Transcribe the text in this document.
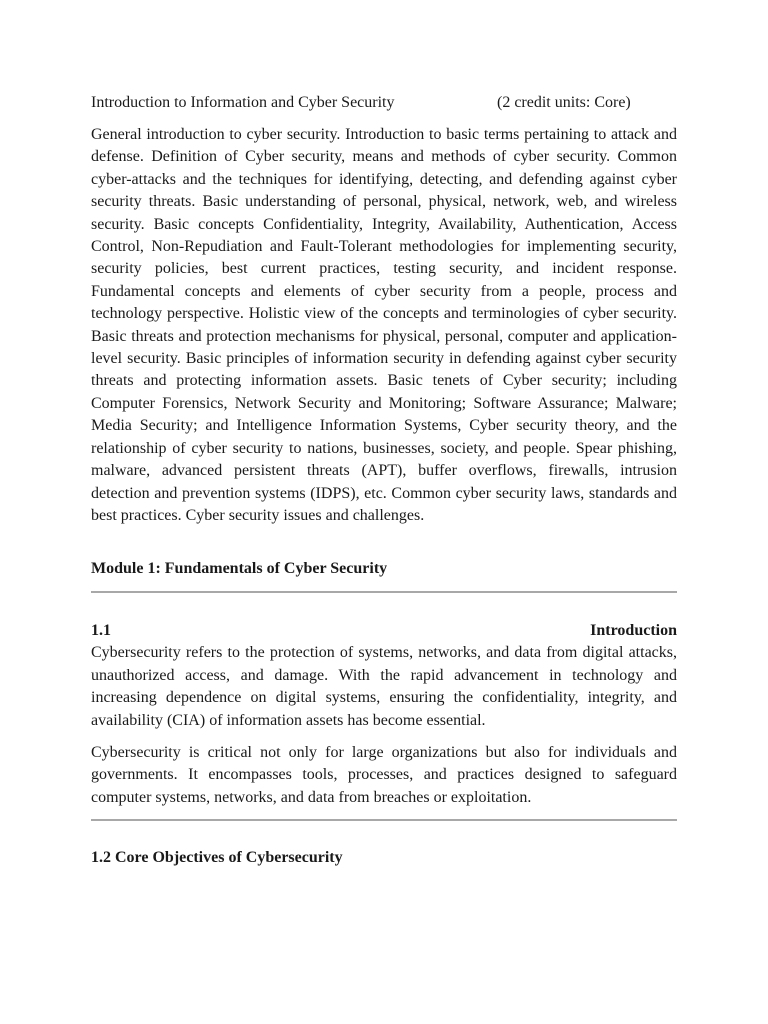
Introduction to Information and Cyber Security	(2 credit units: Core)

General introduction to cyber security. Introduction to basic terms pertaining to attack and defense. Definition of Cyber security, means and methods of cyber security. Common cyber-attacks and the techniques for identifying, detecting, and defending against cyber security threats. Basic understanding of personal, physical, network, web, and wireless security. Basic concepts Confidentiality, Integrity, Availability, Authentication, Access Control, Non-Repudiation and Fault-Tolerant methodologies for implementing security, security policies, best current practices, testing security, and incident response. Fundamental concepts and elements of cyber security from a people, process and technology perspective. Holistic view of the concepts and terminologies of cyber security. Basic threats and protection mechanisms for physical, personal, computer and application-level security. Basic principles of information security in defending against cyber security threats and protecting information assets. Basic tenets of Cyber security; including Computer Forensics, Network Security and Monitoring; Software Assurance; Malware; Media Security; and Intelligence Information Systems, Cyber security theory, and the relationship of cyber security to nations, businesses, society, and people. Spear phishing, malware, advanced persistent threats (APT), buffer overflows, firewalls, intrusion detection and prevention systems (IDPS), etc. Common cyber security laws, standards and best practices. Cyber security issues and challenges.

Module 1: Fundamentals of Cyber Security
1.1	Introduction

Cybersecurity refers to the protection of systems, networks, and data from digital attacks, unauthorized access, and damage. With the rapid advancement in technology and increasing dependence on digital systems, ensuring the confidentiality, integrity, and availability (CIA) of information assets has become essential.

Cybersecurity is critical not only for large organizations but also for individuals and governments. It encompasses tools, processes, and practices designed to safeguard computer systems, networks, and data from breaches or exploitation.

1.2 Core Objectives of Cybersecurity
